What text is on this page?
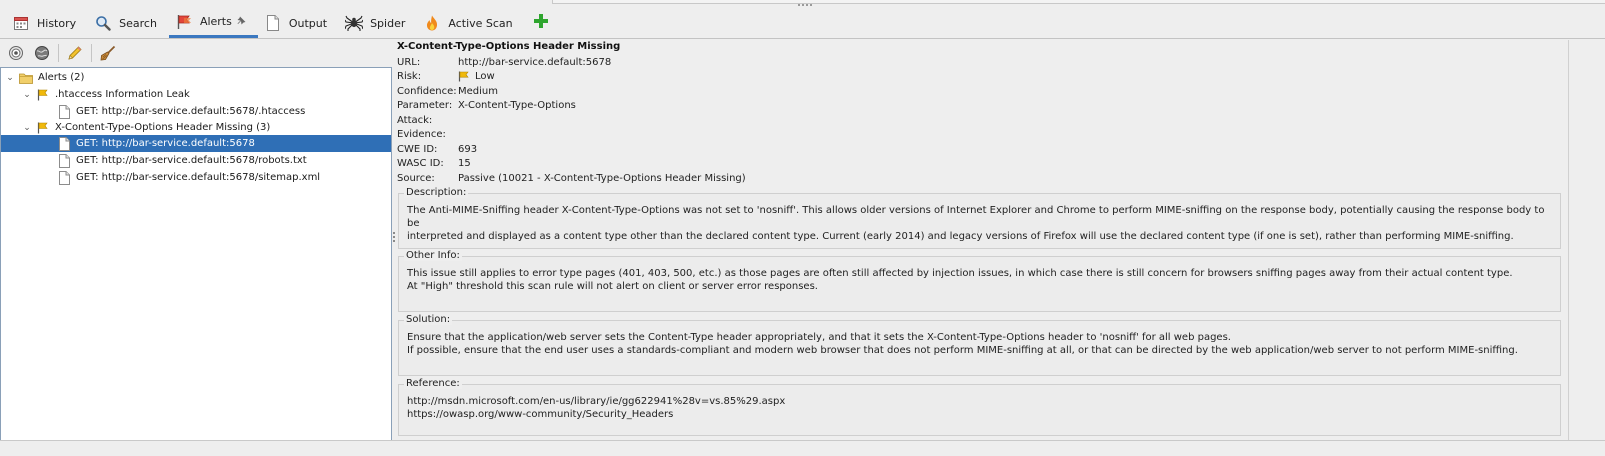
History	Search	Alerts	Output	Spider	Active Scan
⌄ Alerts (2)
⌄ .htaccess Information Leak
GET: http://bar-service.default:5678/.htaccess
⌄ X-Content-Type-Options Header Missing (3)
GET: http://bar-service.default:5678
GET: http://bar-service.default:5678/robots.txt
GET: http://bar-service.default:5678/sitemap.xml
X-Content-Type-Options Header Missing
URL:	http://bar-service.default:5678
Risk:	Low
Confidence: Medium
Parameter: X-Content-Type-Options
Attack:
Evidence:
CWE ID:	693
WASC ID:	15
Source:	Passive (10021 - X-Content-Type-Options Header Missing)
Description:
The Anti-MIME-Sniffing header X-Content-Type-Options was not set to 'nosniff'. This allows older versions of Internet Explorer and Chrome to perform MIME-sniffing on the response body, potentially causing the response body to be
interpreted and displayed as a content type other than the declared content type. Current (early 2014) and legacy versions of Firefox will use the declared content type (if one is set), rather than performing MIME-sniffing.
Other Info:
This issue still applies to error type pages (401, 403, 500, etc.) as those pages are often still affected by injection issues, in which case there is still concern for browsers sniffing pages away from their actual content type.
At "High" threshold this scan rule will not alert on client or server error responses.
Solution:
Ensure that the application/web server sets the Content-Type header appropriately, and that it sets the X-Content-Type-Options header to 'nosniff' for all web pages.
If possible, ensure that the end user uses a standards-compliant and modern web browser that does not perform MIME-sniffing at all, or that can be directed by the web application/web server to not perform MIME-sniffing.
Reference:
http://msdn.microsoft.com/en-us/library/ie/gg622941%28v=vs.85%29.aspx
https://owasp.org/www-community/Security_Headers
